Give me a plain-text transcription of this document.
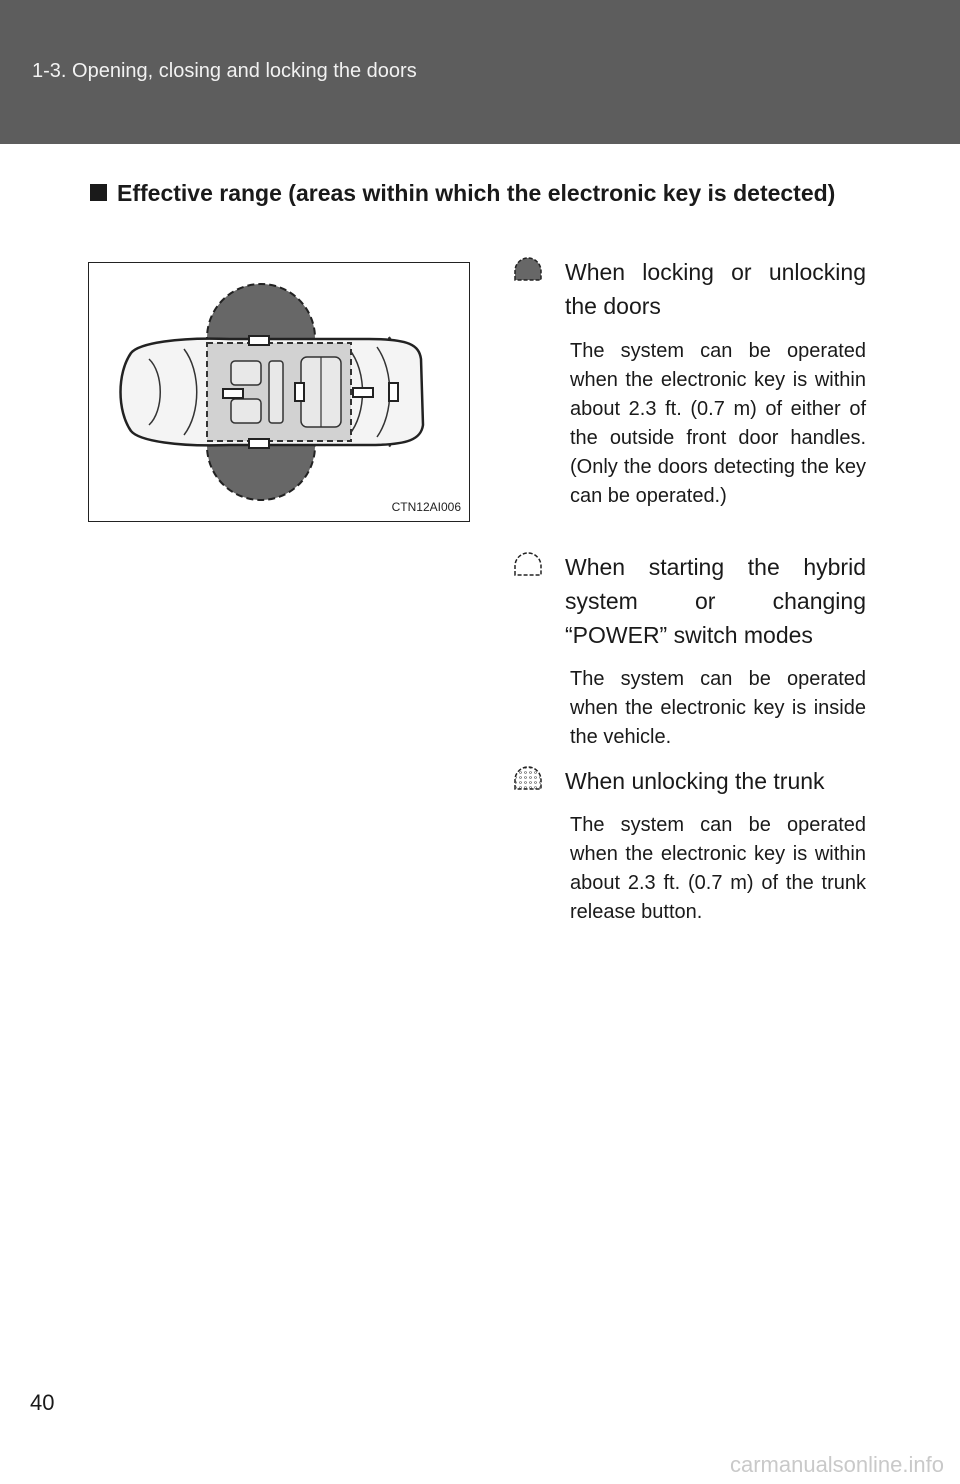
1-3. Opening, closing and locking the doors
Effective range (areas within which the electronic key is detected)
CTN12AI006
When locking or unlocking the doors
The system can be operated when the electronic key is within about 2.3 ft. (0.7 m) of either of the outside front door handles. (Only the doors detecting the key can be operated.)
When starting the hybrid system or changing “POWER” switch modes
The system can be operated when the electronic key is inside the vehicle.
When unlocking the trunk
The system can be operated when the electronic key is within about 2.3 ft. (0.7 m) of the trunk release button.
40
carmanualsonline.info
